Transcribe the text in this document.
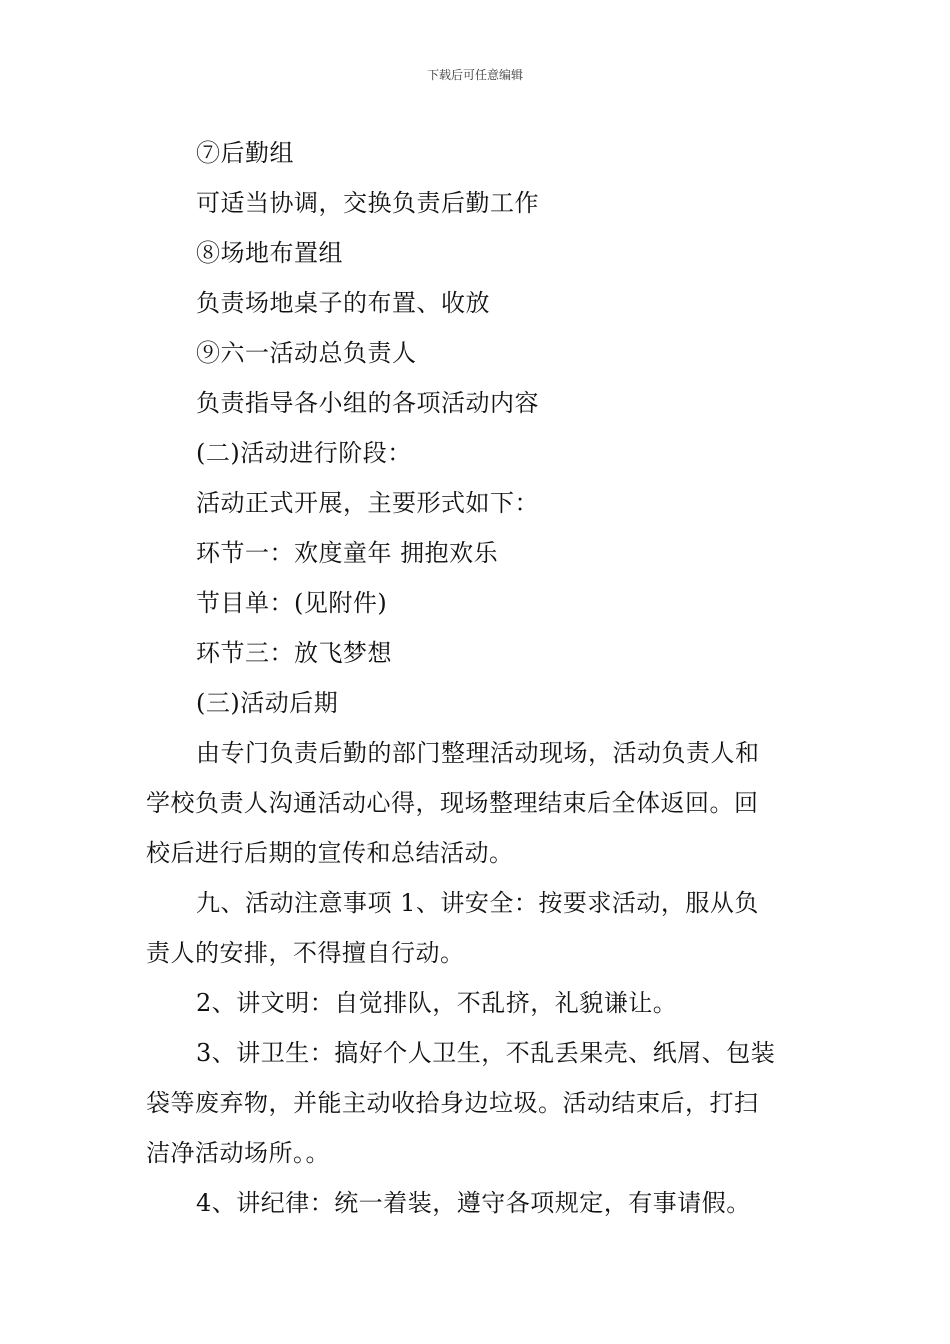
下载后可任意编辑
⑦后勤组
可适当协调，交换负责后勤工作
⑧场地布置组
负责场地桌子的布置、收放
⑨六一活动总负责人
负责指导各小组的各项活动内容
(二)活动进行阶段：
活动正式开展，主要形式如下：
环节一：欢度童年 拥抱欢乐
节目单：(见附件)
环节三：放飞梦想
(三)活动后期
由专门负责后勤的部门整理活动现场，活动负责人和
学校负责人沟通活动心得，现场整理结束后全体返回。回
校后进行后期的宣传和总结活动。
九、活动注意事项 1、讲安全：按要求活动，服从负
责人的安排，不得擅自行动。
2、讲文明：自觉排队，不乱挤，礼貌谦让。
3、讲卫生：搞好个人卫生，不乱丢果壳、纸屑、包装
袋等废弃物，并能主动收拾身边垃圾。活动结束后，打扫
洁净活动场所。。
4、讲纪律：统一着装，遵守各项规定，有事请假。
